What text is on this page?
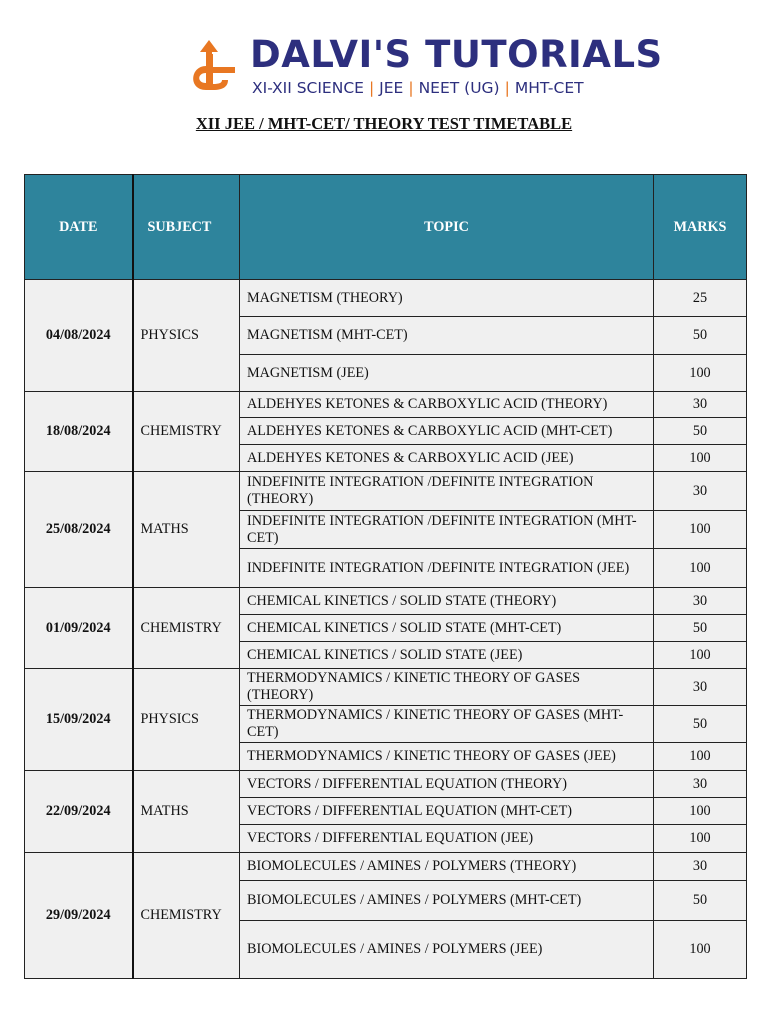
DALVI'S TUTORIALS
XI-XII SCIENCE | JEE | NEET (UG) | MHT-CET
XII JEE / MHT-CET/ THEORY TEST TIMETABLE
DATE	SUBJECT	TOPIC	MARKS
04/08/2024	PHYSICS	MAGNETISM (THEORY)	25
		MAGNETISM (MHT-CET)	50
		MAGNETISM (JEE)	100
18/08/2024	CHEMISTRY	ALDEHYES KETONES & CARBOXYLIC ACID (THEORY)	30
		ALDEHYES KETONES & CARBOXYLIC ACID (MHT-CET)	50
		ALDEHYES KETONES & CARBOXYLIC ACID (JEE)	100
25/08/2024	MATHS	INDEFINITE INTEGRATION /DEFINITE INTEGRATION (THEORY)	30
		INDEFINITE INTEGRATION /DEFINITE INTEGRATION (MHT-CET)	100
		INDEFINITE INTEGRATION /DEFINITE INTEGRATION (JEE)	100
01/09/2024	CHEMISTRY	CHEMICAL KINETICS / SOLID STATE (THEORY)	30
		CHEMICAL KINETICS / SOLID STATE (MHT-CET)	50
		CHEMICAL KINETICS / SOLID STATE (JEE)	100
15/09/2024	PHYSICS	THERMODYNAMICS / KINETIC THEORY OF GASES (THEORY)	30
		THERMODYNAMICS / KINETIC THEORY OF GASES (MHT-CET)	50
		THERMODYNAMICS / KINETIC THEORY OF GASES (JEE)	100
22/09/2024	MATHS	VECTORS / DIFFERENTIAL EQUATION (THEORY)	30
		VECTORS / DIFFERENTIAL EQUATION (MHT-CET)	100
		VECTORS / DIFFERENTIAL EQUATION (JEE)	100
29/09/2024	CHEMISTRY	BIOMOLECULES / AMINES / POLYMERS (THEORY)	30
		BIOMOLECULES / AMINES / POLYMERS (MHT-CET)	50
		BIOMOLECULES / AMINES / POLYMERS (JEE)	100
